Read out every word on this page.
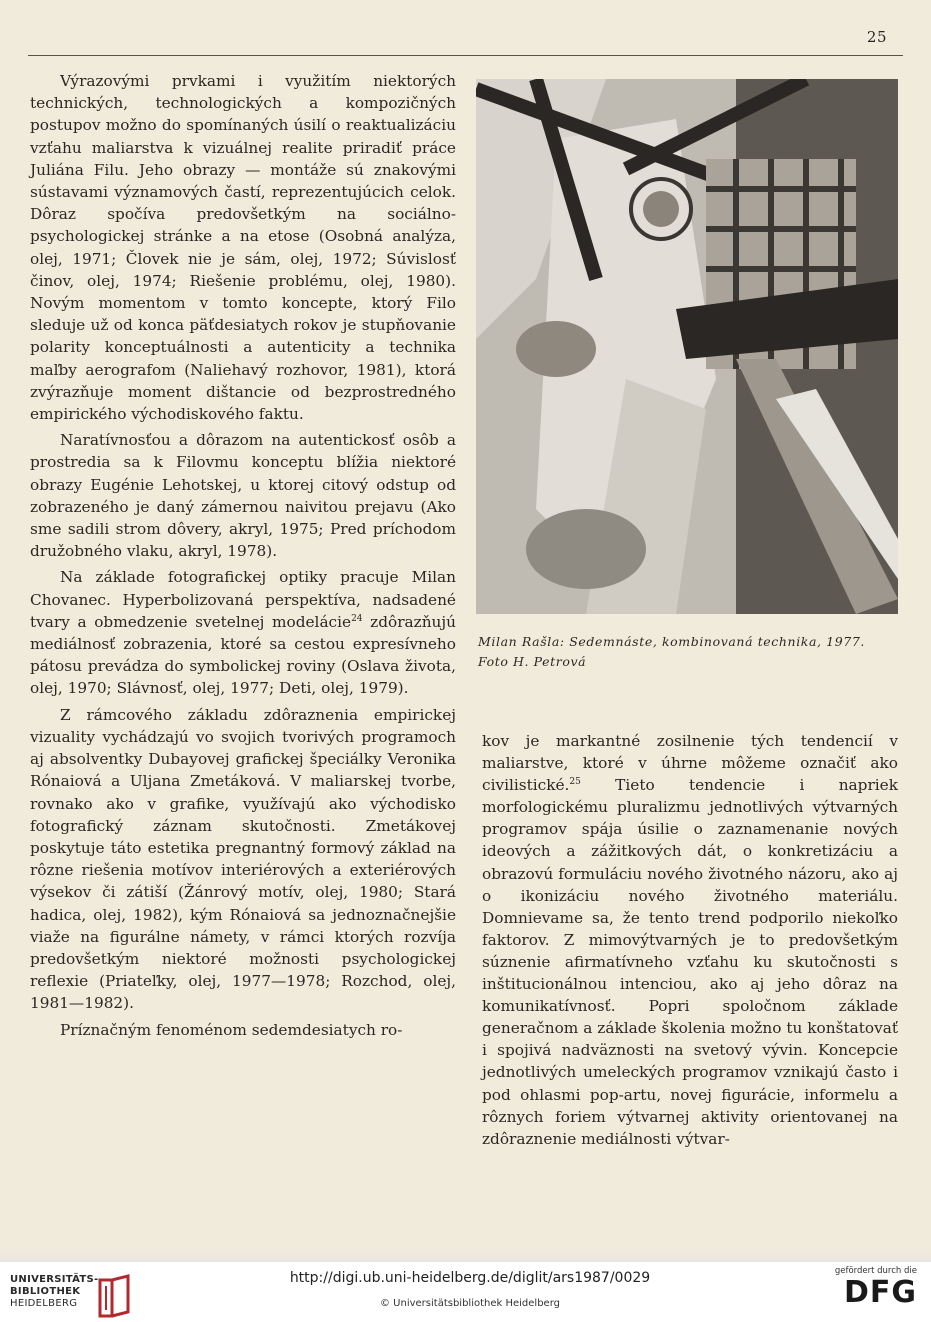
25

Výrazovými prvkami i využitím niektorých technických, technologických a kompozičných postupov možno do spomínaných úsilí o reaktualizáciu vzťahu maliarstva k vizuálnej realite priradiť práce Juliána Filu. Jeho obrazy — montáže sú znakovými sústavami významových častí, reprezentujúcich celok. Dôraz spočíva predovšetkým na sociálno-psychologickej stránke a na etose (Osobná analýza, olej, 1971; Človek nie je sám, olej, 1972; Súvislosť činov, olej, 1974; Riešenie problému, olej, 1980). Novým momentom v tomto koncepte, ktorý Filo sleduje už od konca päťdesiatych rokov je stupňovanie polarity konceptuálnosti a autenticity a technika maľby aerografom (Naliehavý rozhovor, 1981), ktorá zvýrazňuje moment dištancie od bezprostredného empirického východiskového faktu.

Naratívnosťou a dôrazom na autentickosť osôb a prostredia sa k Filovmu konceptu blížia niektoré obrazy Eugénie Lehotskej, u ktorej citový odstup od zobrazeného je daný zámernou naivitou prejavu (Ako sme sadili strom dôvery, akryl, 1975; Pred príchodom družobného vlaku, akryl, 1978).

Na základe fotografickej optiky pracuje Milan Chovanec. Hyperbolizovaná perspektíva, nadsadené tvary a obmedzenie svetelnej modelácie$^{24}$ zdôrazňujú mediálnosť zobrazenia, ktoré sa cestou expresívneho pátosu prevádza do symbolickej roviny (Oslava života, olej, 1970; Slávnosť, olej, 1977; Deti, olej, 1979).

Z rámcového základu zdôraznenia empirickej vizuality vychádzajú vo svojich tvorivých programoch aj absolventky Dubayovej grafickej špeciálky Veronika Rónaiová a Uljana Zmetáková. V maliarskej tvorbe, rovnako ako v grafike, využívajú ako východisko fotografický záznam skutočnosti. Zmetákovej poskytuje táto estetika pregnantný formový základ na rôzne riešenia motívov interiérových a exteriérových výsekov či zátiší (Žánrový motív, olej, 1980; Stará hadica, olej, 1982), kým Rónaiová sa jednoznačnejšie viaže na figurálne námety, v rámci ktorých rozvíja predovšetkým niektoré možnosti psychologickej reflexie (Priateľky, olej, 1977—1978; Rozchod, olej, 1981—1982).

Príznačným fenoménom sedemdesiatych ro-

Milan Rašla: Sedemnáste, kombinovaná technika, 1977.
Foto H. Petrová

kov je markantné zosilnenie tých tendencií v maliarstve, ktoré v úhrne môžeme označiť ako civilistické.$^{25}$ Tieto tendencie i napriek morfologickému pluralizmu jednotlivých výtvarných programov spája úsilie o zaznamenanie nových ideových a zážitkových dát, o konkretizáciu a obrazovú formuláciu nového životného názoru, ako aj o ikonizáciu nového životného materiálu. Domnievame sa, že tento trend podporilo niekoľko faktorov. Z mimovýtvarných je to predovšetkým súznenie afirmatívneho vzťahu ku skutočnosti s inštitucionálnou intenciou, ako aj jeho dôraz na komunikatívnosť. Popri spoločnom základe generačnom a základe školenia možno tu konštatovať i spojivá nadväznosti na svetový vývin. Koncepcie jednotlivých umeleckých programov vznikajú často i pod ohlasmi pop-artu, novej figurácie, informelu a rôznych foriem výtvarnej aktivity orientovanej na zdôraznenie mediálnosti výtvar-

UNIVERSITÄTS-
BIBLIOTHEK
HEIDELBERG
http://digi.ub.uni-heidelberg.de/diglit/ars1987/0029
© Universitätsbibliothek Heidelberg
gefördert durch die
DFG
